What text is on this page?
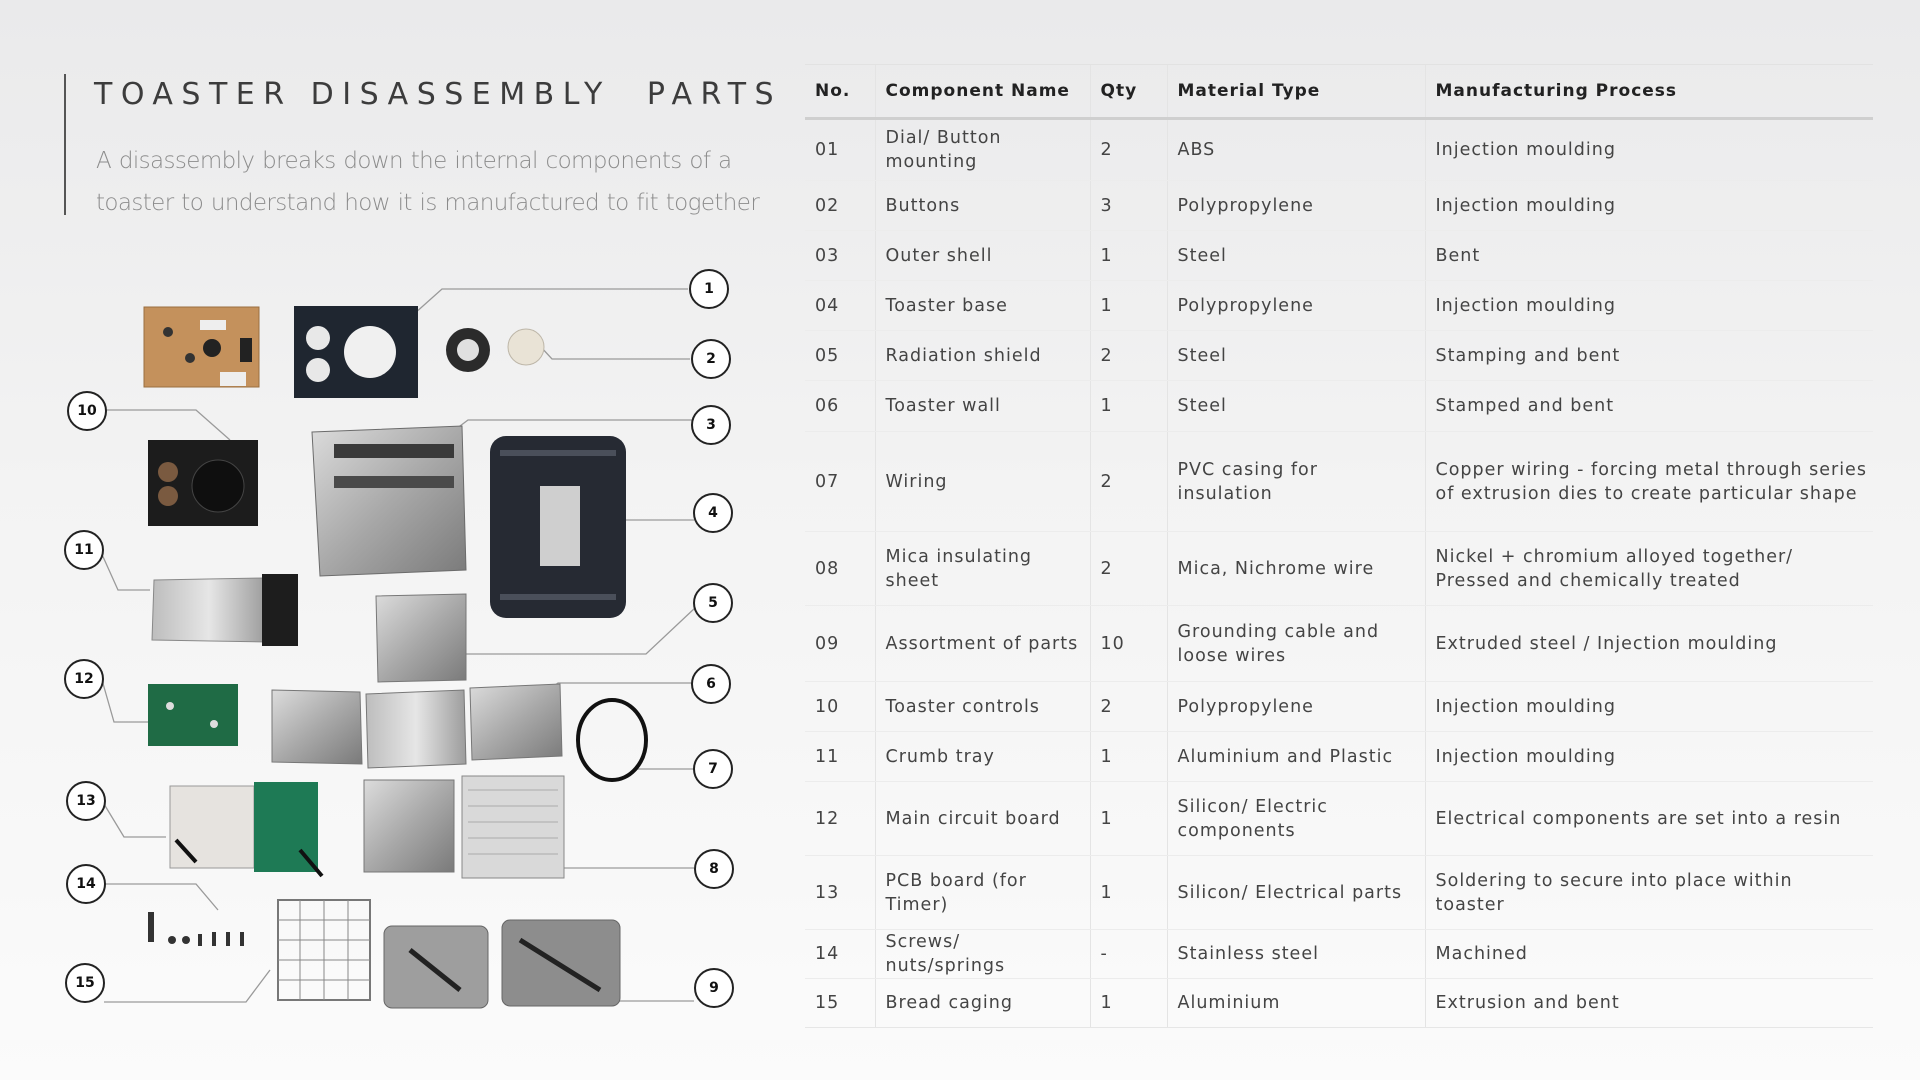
TOASTER DISASSEMBLY  PARTS

A disassembly breaks down the internal components of a toaster to understand how it is manufactured to fit together

1
2
3
4
5
6
7
8
9
10
11
12
13
14
15
No.	Component Name	Qty	Material Type	Manufacturing Process
01	Dial/ Button mounting	2	ABS	Injection moulding
02	Buttons	3	Polypropylene	Injection moulding
03	Outer shell	1	Steel	Bent
04	Toaster base	1	Polypropylene	Injection moulding
05	Radiation shield	2	Steel	Stamping and bent
06	Toaster wall	1	Steel	Stamped and bent
07	Wiring	2	PVC casing for insulation	Copper wiring - forcing metal through series of extrusion dies to create particular shape
08	Mica insulating sheet	2	Mica, Nichrome wire	Nickel + chromium alloyed together/ Pressed and chemically treated
09	Assortment of parts	10	Grounding cable and loose wires	Extruded steel / Injection moulding
10	Toaster controls	2	Polypropylene	Injection moulding
11	Crumb tray	1	Aluminium and Plastic	Injection moulding
12	Main circuit board	1	Silicon/ Electric components	Electrical components are set into a resin
13	PCB board (for Timer)	1	Silicon/ Electrical parts	Soldering to secure into place within toaster
14	Screws/ nuts/springs	-	Stainless steel	Machined
15	Bread caging	1	Aluminium	Extrusion and bent
